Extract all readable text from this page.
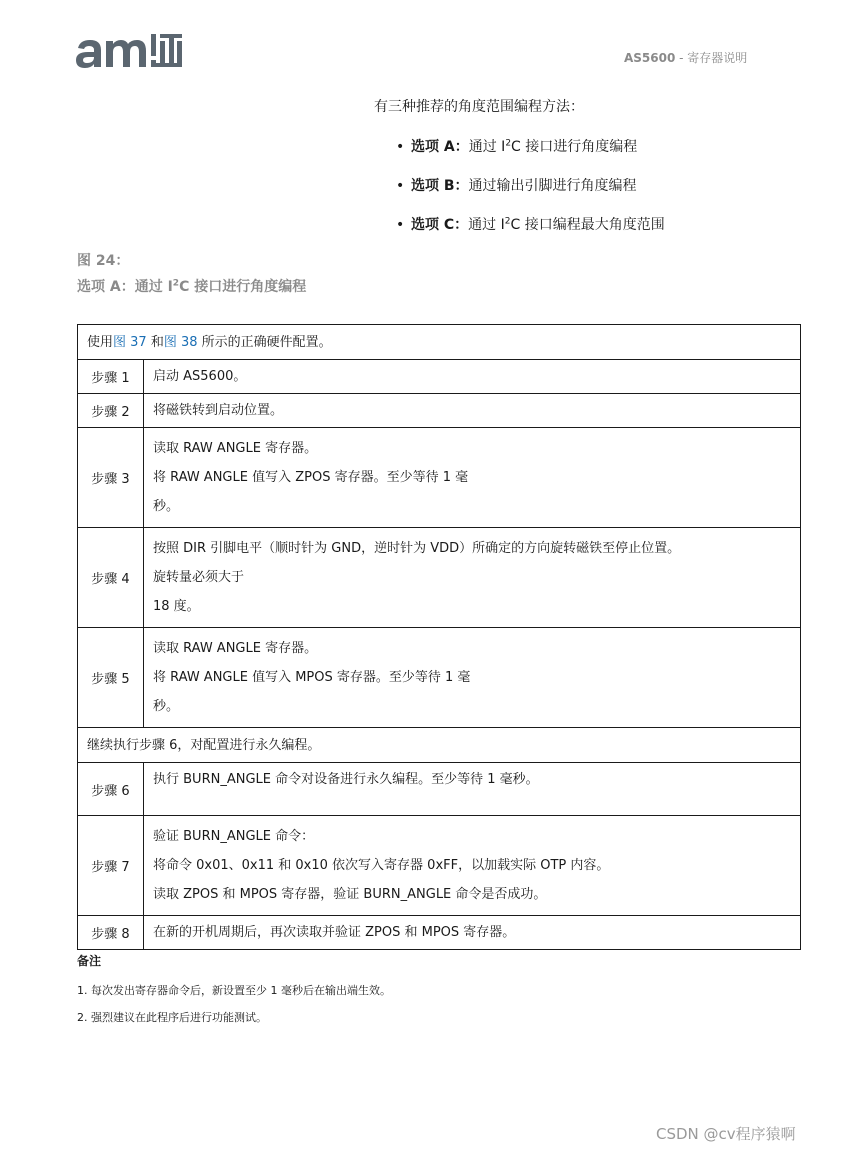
ams
AS5600 - 寄存器说明
有三种推荐的角度范围编程方法：
• 选项 A：通过 $I^2C$ 接口进行角度编程
• 选项 B：通过输出引脚进行角度编程
• 选项 C：通过 $I^2C$ 接口编程最大角度范围
图 24：
选项 A：通过 $I^2C$ 接口进行角度编程
使用图 37 和图 38 所示的正确硬件配置。	
步骤 1	启动 AS5600。

步骤 2	将磁铁转到启动位置。

步骤 3	读取 RAW ANGLE 寄存器。
将 RAW ANGLE 值写入 ZPOS 寄存器。至少等待 1 毫
秒。

步骤 4	按照 DIR 引脚电平（顺时针为 GND，逆时针为 VDD）所确定的方向旋转磁铁至停止位置。
旋转量必须大于
18 度。

步骤 5	读取 RAW ANGLE 寄存器。
将 RAW ANGLE 值写入 MPOS 寄存器。至少等待 1 毫
秒。

继续执行步骤 6，对配置进行永久编程。	
步骤 6	执行 BURN_ANGLE 命令对设备进行永久编程。至少等待 1 毫秒。

步骤 7	验证 BURN_ANGLE 命令：
将命令 0x01、0x11 和 0x10 依次写入寄存器 0xFF，以加载实际 OTP 内容。
读取 ZPOS 和 MPOS 寄存器，验证 BURN_ANGLE 命令是否成功。

步骤 8	在新的开机周期后，再次读取并验证 ZPOS 和 MPOS 寄存器。
备注
1. 每次发出寄存器命令后，新设置至少 1 毫秒后在输出端生效。
2. 强烈建议在此程序后进行功能测试。
CSDN @cv程序猿啊
